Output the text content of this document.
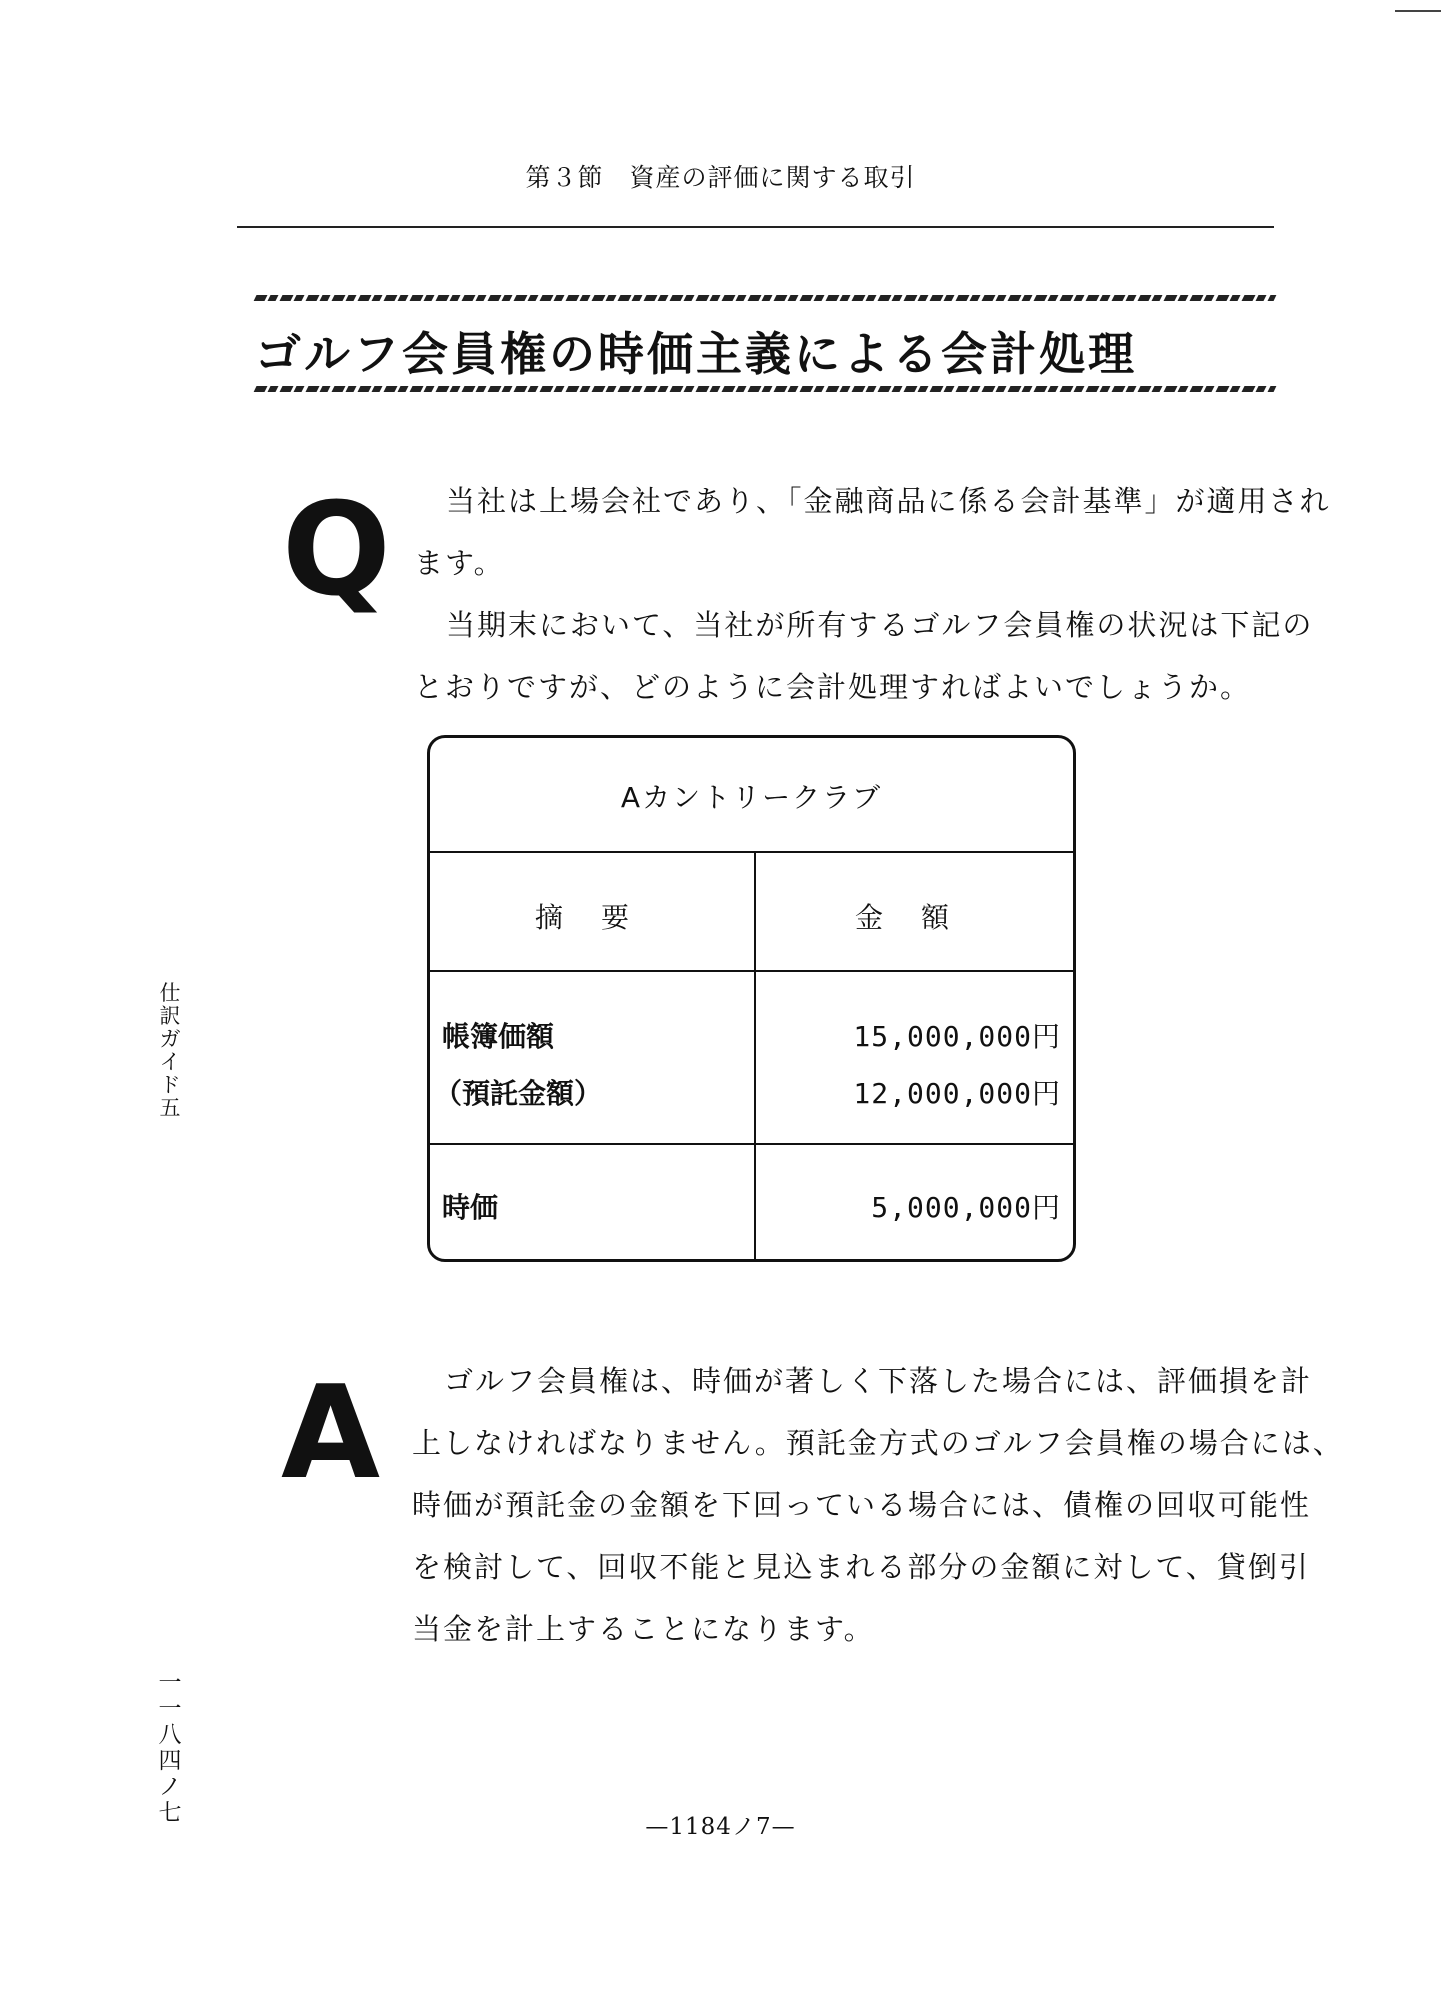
第３節　資産の評価に関する取引
ゴルフ会員権の時価主義による会計処理
Q	当社は上場会社であり、「金融商品に係る会計基準」が適用され
ます。
当期末において、当社が所有するゴルフ会員権の状況は下記の
とおりですが、どのように会計処理すればよいでしょうか。
Aカントリークラブ
摘要	金額
帳簿価額	15,000,000円
（預託金額）	12,000,000円
時価	5,000,000円
A	ゴルフ会員権は、時価が著しく下落した場合には、評価損を計
上しなければなりません。預託金方式のゴルフ会員権の場合には、
時価が預託金の金額を下回っている場合には、債権の回収可能性
を検討して、回収不能と見込まれる部分の金額に対して、貸倒引
当金を計上することになります。
仕
訳
ガ
イ
ド
五
一
一
八
四
ノ
七
—1184ノ7—
